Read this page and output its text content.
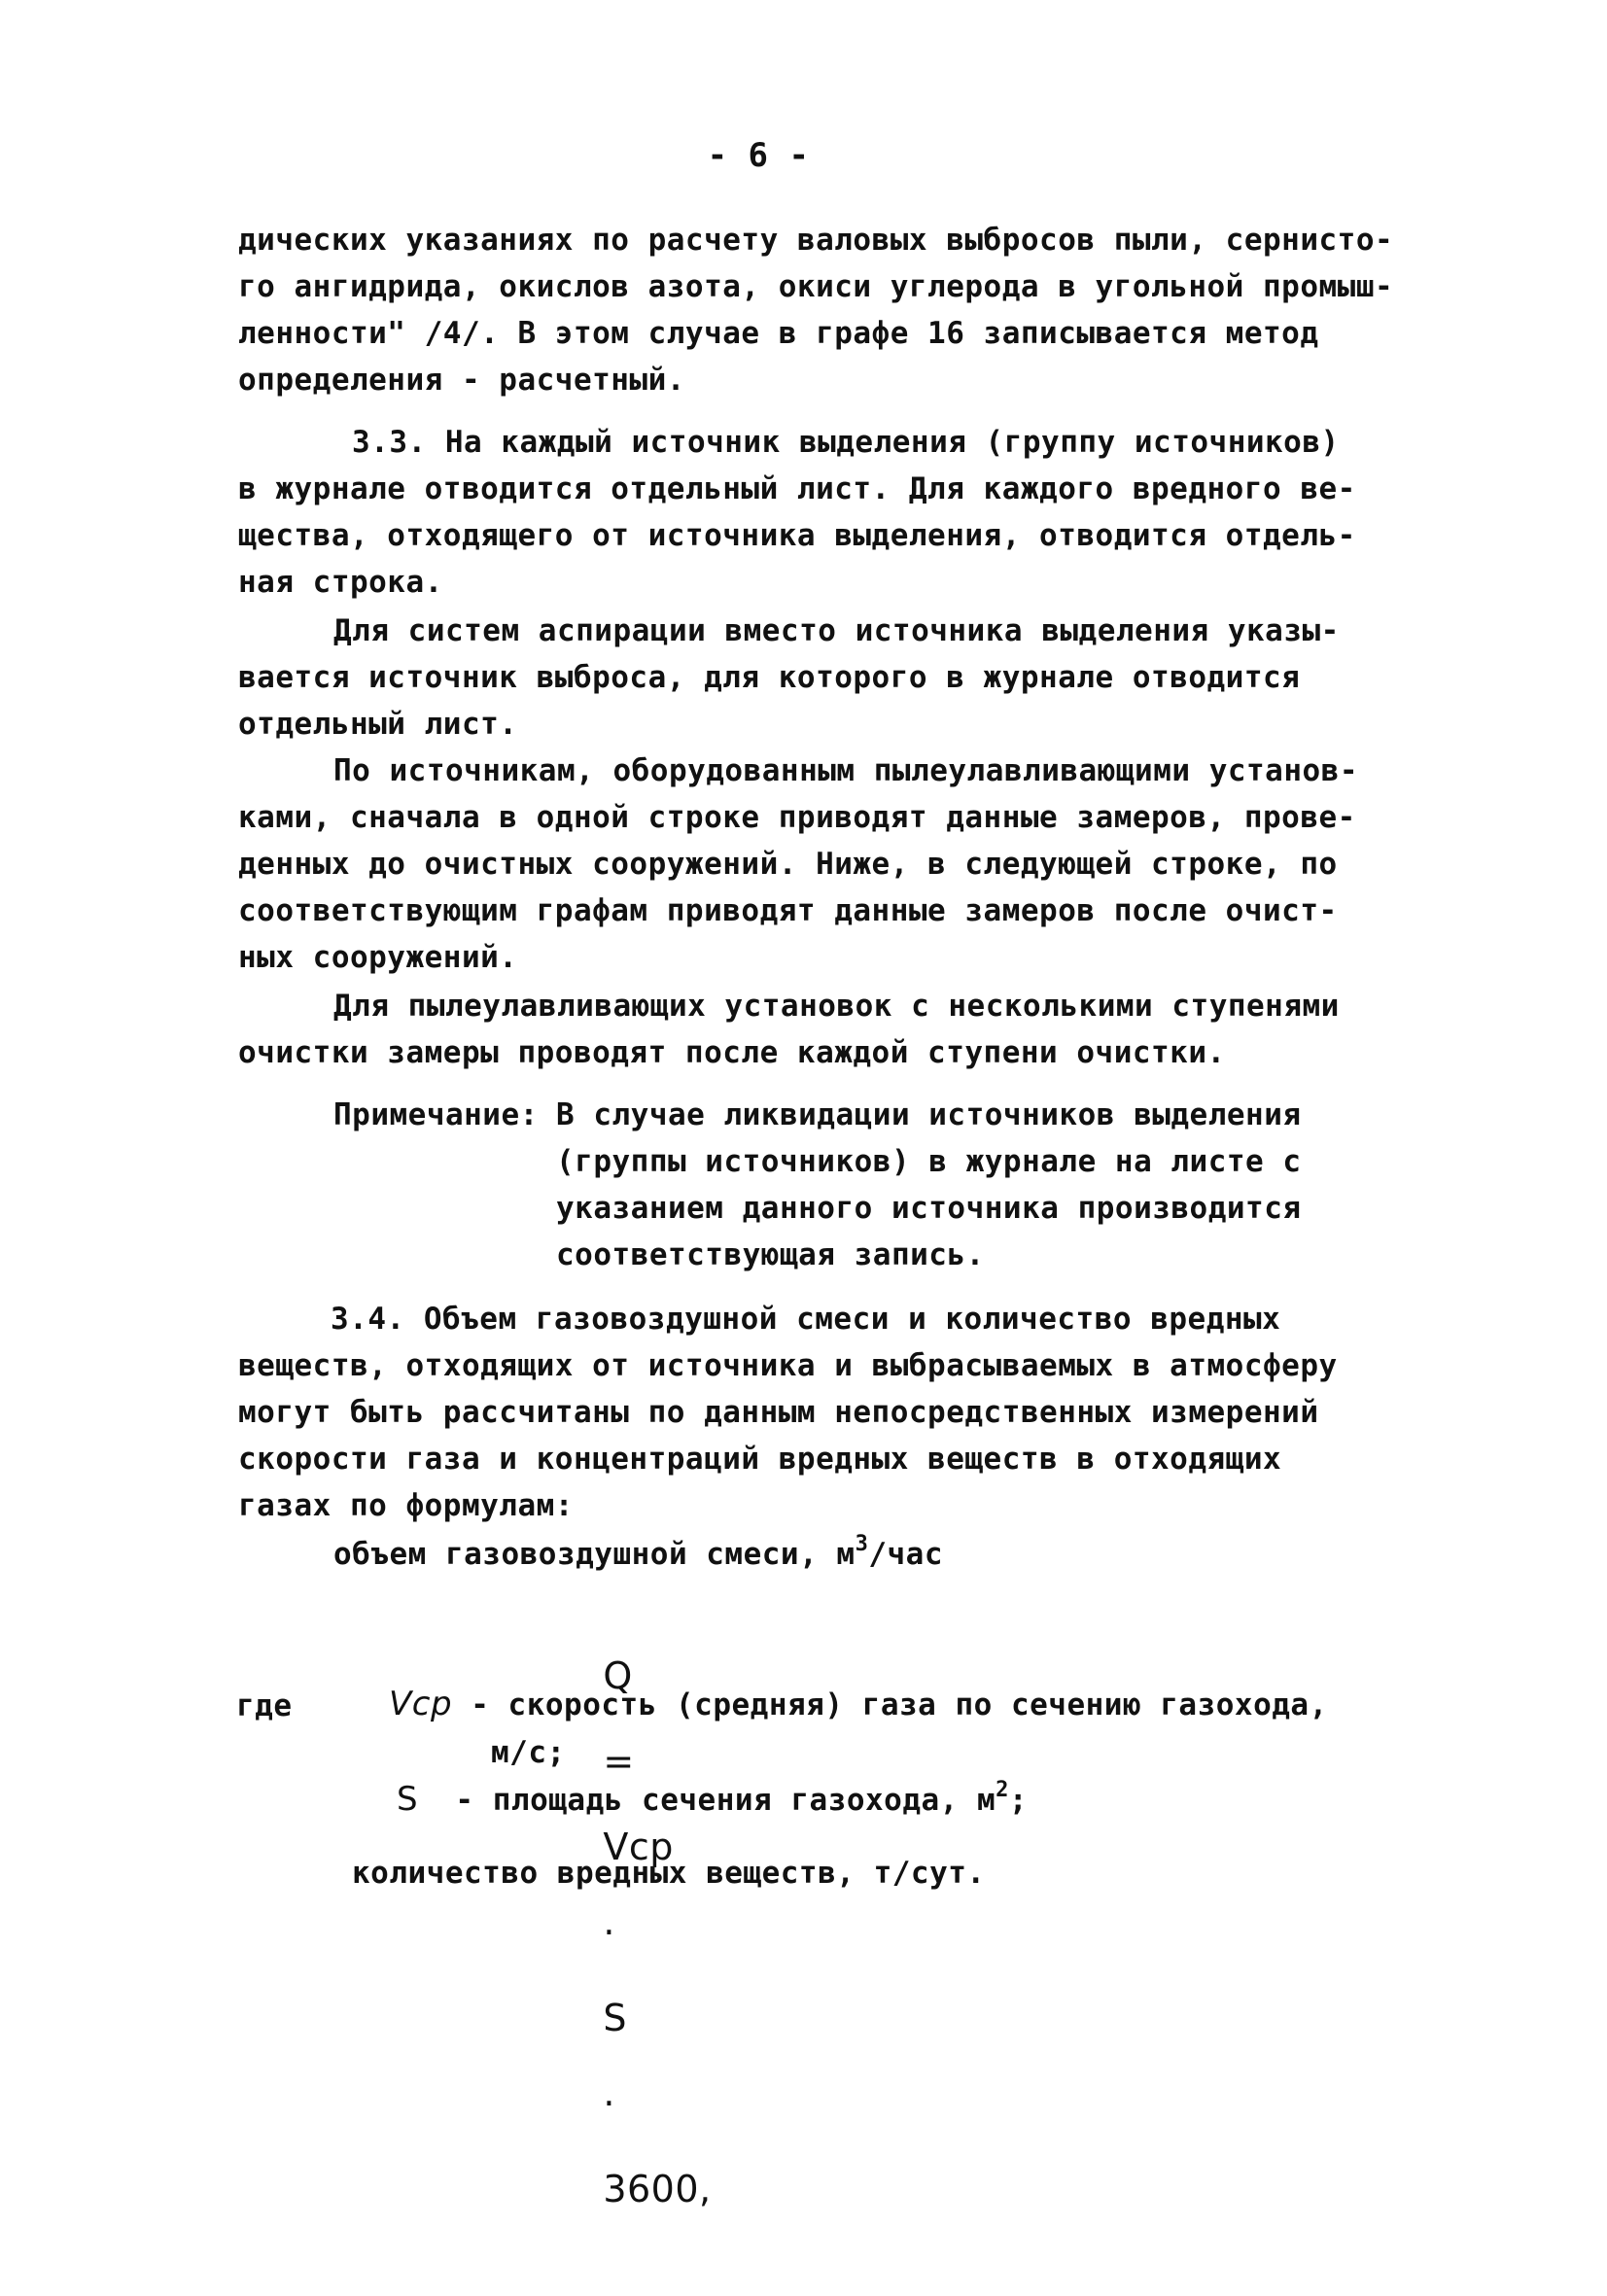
- 6 -
дических указаниях по расчету валовых выбросов пыли, сернисто-
го ангидрида, окислов азота, окиси углерода в угольной промыш-
ленности" /4/. В этом случае в графе 16 записывается метод
определения - расчетный.
3.3. На каждый источник выделения (группу источников)
в журнале отводится отдельный лист. Для каждого вредного ве-
щества, отходящего от источника выделения, отводится отдель-
ная строка.
Для систем аспирации вместо источника выделения указы-
вается источник выброса, для которого в журнале отводится
отдельный лист.
По источникам, оборудованным пылеулавливающими установ-
ками, сначала в одной строке приводят данные замеров, прове-
денных до очистных сооружений. Ниже, в следующей строке, по
соответствующим графам приводят данные замеров после очист-
ных сооружений.
Для пылеулавливающих установок с несколькими ступенями
очистки замеры проводят после каждой ступени очистки.
Примечание: В случае ликвидации источников выделения
(группы источников) в журнале на листе с
указанием данного источника производится
соответствующая запись.
3.4. Объем газовоздушной смеси и количество вредных
веществ, отходящих от источника и выбрасываемых в атмосферу
могут быть рассчитаны по данным непосредственных измерений
скорости газа и концентраций вредных веществ в отходящих
газах по формулам:
объем газовоздушной смеси, $м^3$/час

Q

=

Vcp

·

S

·

3600,

где	Vcp - скорость (средняя) газа по сечению газохода,
м/с;
S - площадь сечения газохода, $м^2$;
количество вредных веществ, т/сут.
